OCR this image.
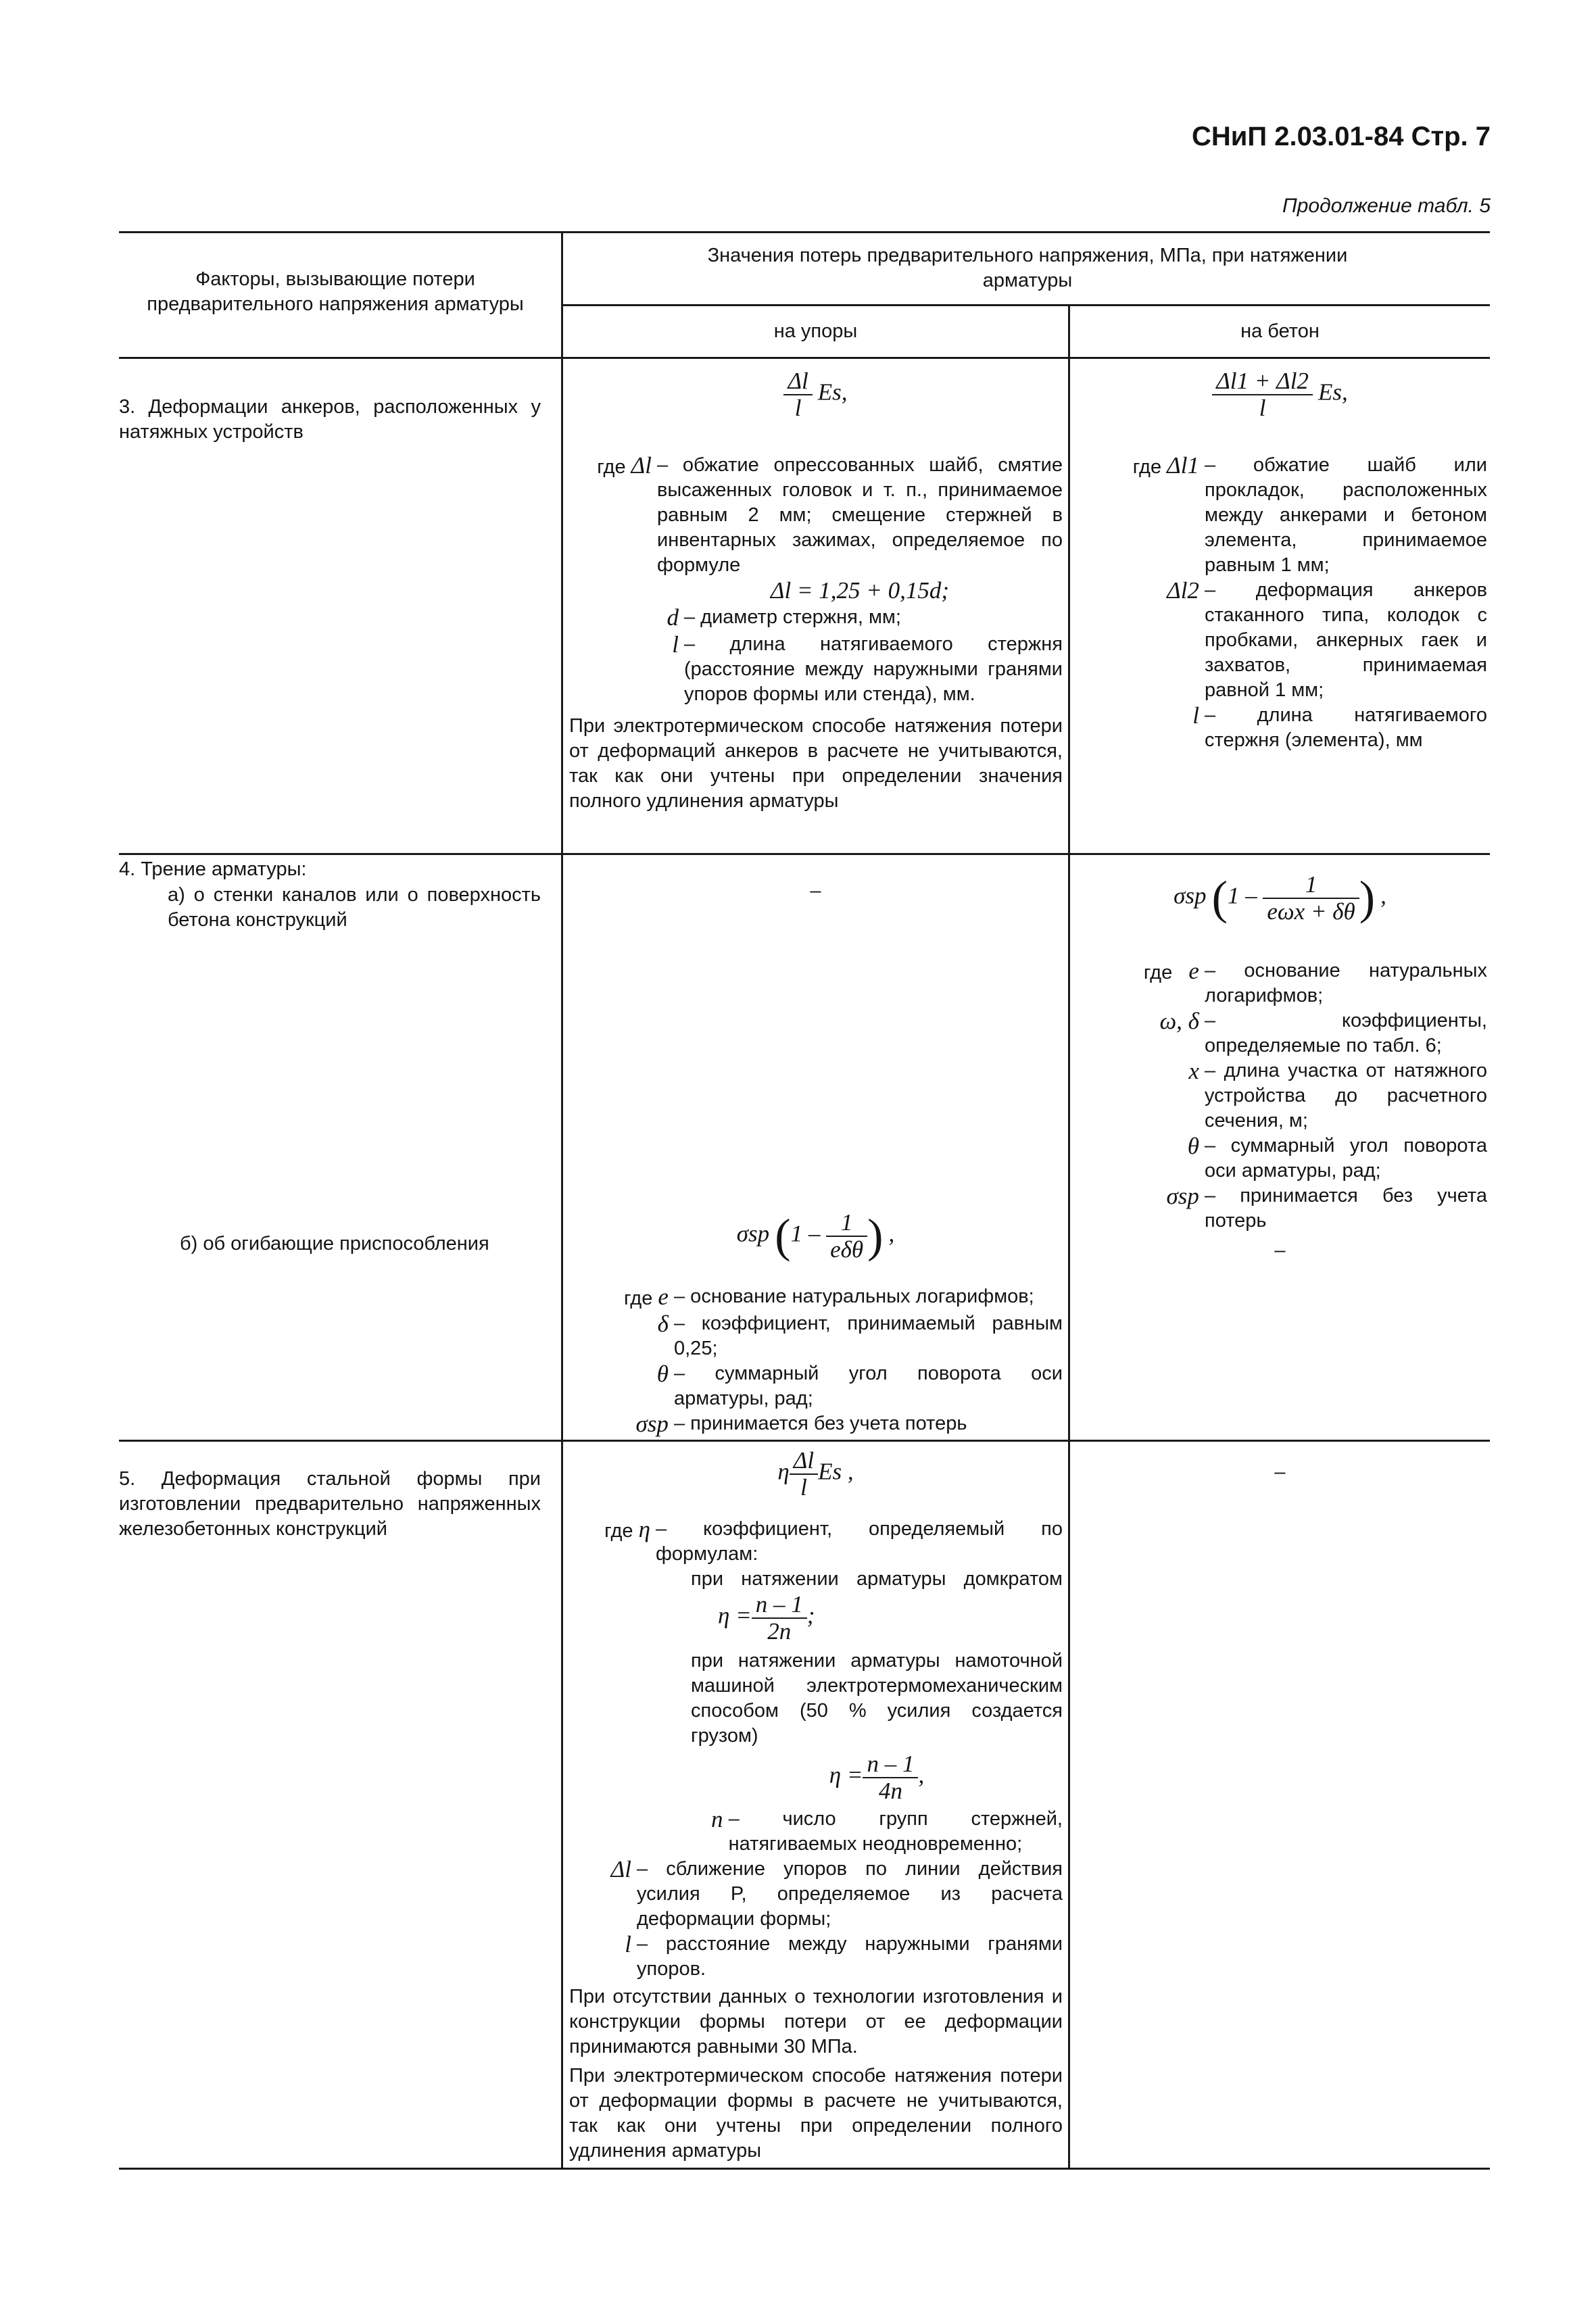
СНиП 2.03.01-84 Стр. 7
Продолжение табл. 5
Факторы, вызывающие потери предварительного напряжения арматуры
Значения потерь предварительного напряжения, МПа, при натяжении арматуры
на упоры	на бетон
3. Деформации анкеров, расположенных у натяжных устройств
$\frac{\Delta l}{l} Es$,
где Δl – обжатие опрессованных шайб, смятие высаженных головок и т. п., принимаемое равным 2 мм; смещение стержней в инвентарных зажимах, определяемое по формуле
Δl = 1,25 + 0,15d;
d – диаметр стержня, мм;
l – длина натягиваемого стержня (расстояние между наружными гранями упоров формы или стенда), мм.
При электротермическом способе натяжения потери от деформаций анкеров в расчете не учитываются, так как они учтены при определении значения полного удлинения арматуры
$\frac{\Delta l1 + \Delta l2}{l} Es$,
где Δl1 – обжатие шайб или прокладок, расположенных между анкерами и бетоном элемента, принимаемое равным 1 мм;
Δl2 – деформация анкеров стаканного типа, колодок с пробками, анкерных гаек и захватов, принимаемая равной 1 мм;
l – длина натягиваемого стержня (элемента), мм
4. Трение арматуры:
а) о стенки каналов или о поверхность бетона конструкций
б) об огибающие приспособления
–	σsp ($1 - \frac{1}{\text{eωx + δθ}}$ ) ,
где e – основание натуральных логарифмов;
ω, δ – коэффициенты, определяемые по табл. 6;
x – длина участка от натяжного устройства до расчетного сечения, м;
θ – суммарный угол поворота оси арматуры, рад;
σsp – принимается без учета потерь
–
σsp ($1 - \frac{1}{\text{eδθ}}$ ) ,
где e – основание натуральных логарифмов;
δ – коэффициент, принимаемый равным 0,25;
θ – суммарный угол поворота оси арматуры, рад;
σsp – принимается без учета потерь
5. Деформация стальной формы при изготовлении предварительно напряженных железобетонных конструкций
η $\frac{\Delta l}{l}$ Es ,
где η – коэффициент, определяемый по формулам:
при натяжении арматуры домкратом $\eta = \frac{n - 1}{2n}$ ;
при натяжении арматуры намоточной машиной электротермомеханическим способом (50 % усилия создается грузом)
$\eta = \frac{n - 1}{4n}$ ,
n – число групп стержней, натягиваемых неодновременно;
Δl – сближение упоров по линии действия усилия P, определяемое из расчета деформации формы;
l – расстояние между наружными гранями упоров.
При отсутствии данных о технологии изготовления и конструкции формы потери от ее деформации принимаются равными 30 МПа.
При электротермическом способе натяжения потери от деформации формы в расчете не учитываются, так как они учтены при определении полного удлинения арматуры
–
